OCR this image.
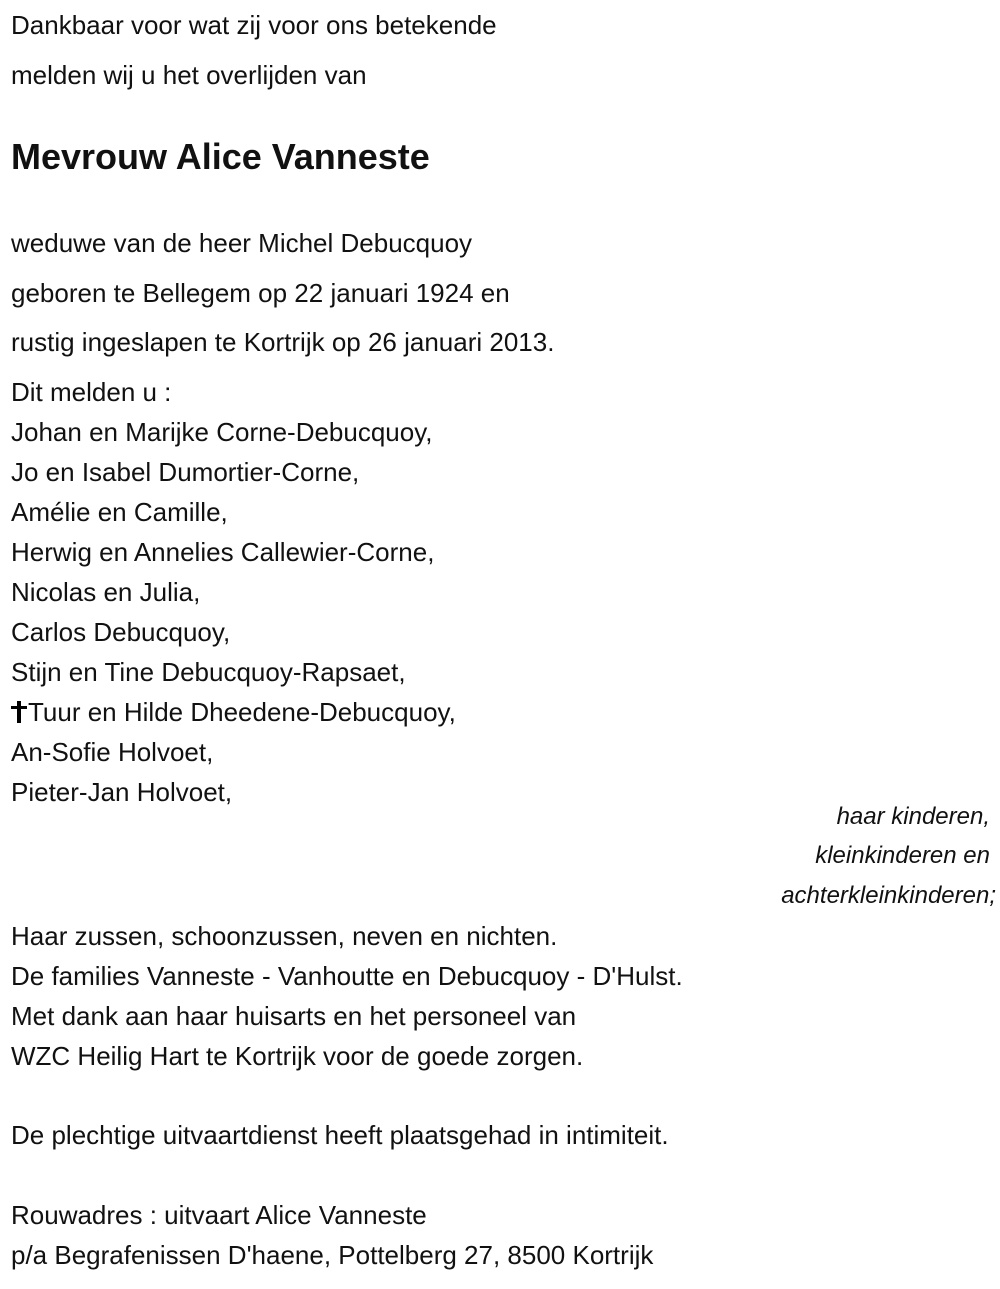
Dankbaar voor wat zij voor ons betekende
melden wij u het overlijden van
Mevrouw Alice Vanneste
weduwe van de heer Michel Debucquoy
geboren te Bellegem op 22 januari 1924 en
rustig ingeslapen te Kortrijk op 26 januari 2013.
Dit melden u :
Johan en Marijke Corne-Debucquoy,
Jo en Isabel Dumortier-Corne,
Amélie en Camille,
Herwig en Annelies Callewier-Corne,
Nicolas en Julia,
Carlos Debucquoy,
Stijn en Tine Debucquoy-Rapsaet,
Tuur en Hilde Dheedene-Debucquoy,
An-Sofie Holvoet,
Pieter-Jan Holvoet,
haar kinderen,
kleinkinderen en
achterkleinkinderen;
Haar zussen, schoonzussen, neven en nichten.
De families Vanneste - Vanhoutte en Debucquoy - D'Hulst.
Met dank aan haar huisarts en het personeel van
WZC Heilig Hart te Kortrijk voor de goede zorgen.
De plechtige uitvaartdienst heeft plaatsgehad in intimiteit.
Rouwadres : uitvaart Alice Vanneste
p/a Begrafenissen D'haene, Pottelberg 27, 8500 Kortrijk
